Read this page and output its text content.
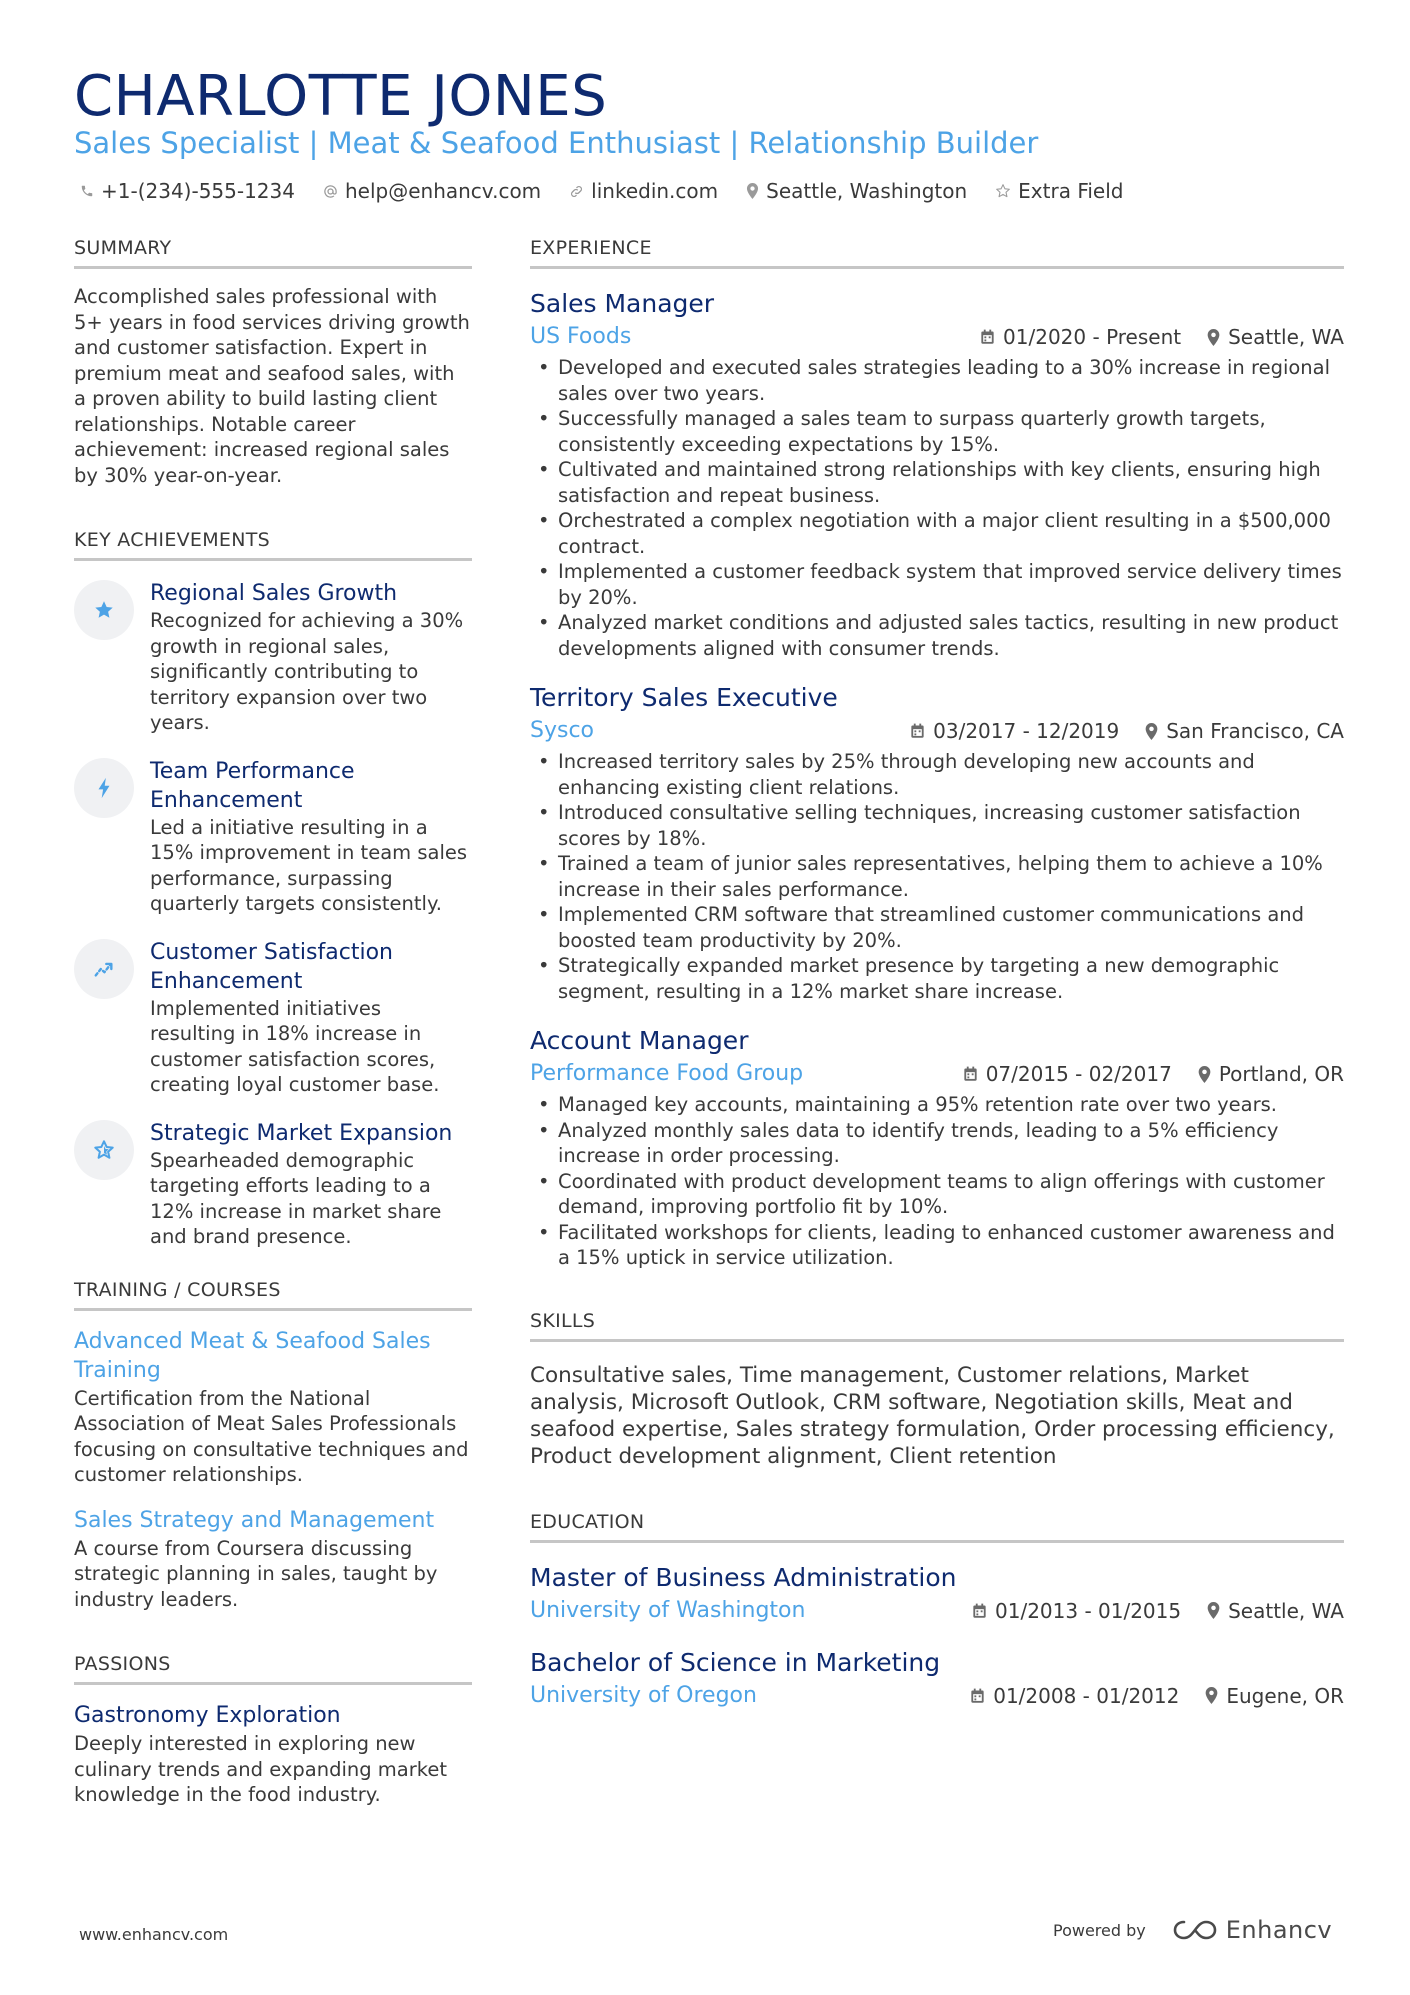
CHARLOTTE JONES
Sales Specialist | Meat & Seafood Enthusiast | Relationship Builder
+1-(234)-555-1234	help@enhancv.com	linkedin.com Seattle, Washington	Extra Field
SUMMARY

Accomplished sales professional with 5+ years in food services driving growth and customer satisfaction. Expert in premium meat and seafood sales, with a proven ability to build lasting client relationships. Notable career achievement: increased regional sales by 30% year-on-year.

KEY ACHIEVEMENTS
Regional Sales Growth

Recognized for achieving a 30% growth in regional sales, significantly contributing to territory expansion over two years.

Team Performance Enhancement

Led a initiative resulting in a 15% improvement in team sales performance, surpassing quarterly targets consistently.

Customer Satisfaction Enhancement

Implemented initiatives resulting in 18% increase in customer satisfaction scores, creating loyal customer base.

Strategic Market Expansion

Spearheaded demographic targeting efforts leading to a 12% increase in market share and brand presence.

TRAINING / COURSES
Advanced Meat & Seafood Sales Training

Certification from the National Association of Meat Sales Professionals focusing on consultative techniques and customer relationships.

Sales Strategy and Management

A course from Coursera discussing strategic planning in sales, taught by industry leaders.

PASSIONS
Gastronomy Exploration

Deeply interested in exploring new culinary trends and expanding market knowledge in the food industry.

EXPERIENCE
Sales Manager
US Foods	01/2020 - Present Seattle, WA
• Developed and executed sales strategies leading to a 30% increase in regional sales over two years.
• Successfully managed a sales team to surpass quarterly growth targets, consistently exceeding expectations by 15%.
• Cultivated and maintained strong relationships with key clients, ensuring high satisfaction and repeat business.
• Orchestrated a complex negotiation with a major client resulting in a $500,000 contract.
• Implemented a customer feedback system that improved service delivery times by 20%.
• Analyzed market conditions and adjusted sales tactics, resulting in new product developments aligned with consumer trends.
Territory Sales Executive
Sysco	03/2017 - 12/2019 San Francisco, CA
• Increased territory sales by 25% through developing new accounts and enhancing existing client relations.
• Introduced consultative selling techniques, increasing customer satisfaction scores by 18%.
• Trained a team of junior sales representatives, helping them to achieve a 10% increase in their sales performance.
• Implemented CRM software that streamlined customer communications and boosted team productivity by 20%.
• Strategically expanded market presence by targeting a new demographic segment, resulting in a 12% market share increase.
Account Manager
Performance Food Group	07/2015 - 02/2017 Portland, OR
• Managed key accounts, maintaining a 95% retention rate over two years.
• Analyzed monthly sales data to identify trends, leading to a 5% efficiency increase in order processing.
• Coordinated with product development teams to align offerings with customer demand, improving portfolio fit by 10%.
• Facilitated workshops for clients, leading to enhanced customer awareness and a 15% uptick in service utilization.
SKILLS

Consultative sales, Time management, Customer relations, Market analysis, Microsoft Outlook, CRM software, Negotiation skills, Meat and seafood expertise, Sales strategy formulation, Order processing efficiency, Product development alignment, Client retention

EDUCATION
Master of Business Administration
University of Washington	01/2013 - 01/2015 Seattle, WA
Bachelor of Science in Marketing
University of Oregon	01/2008 - 01/2012 Eugene, OR
www.enhancv.com	Powered by	Enhancv
